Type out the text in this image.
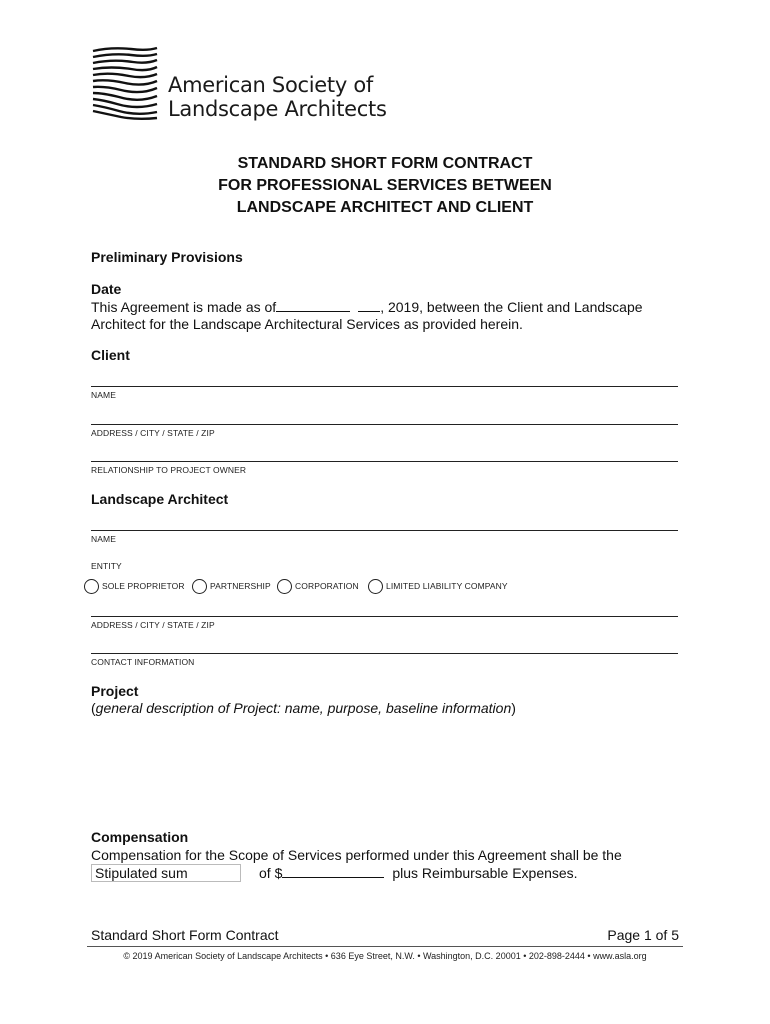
American Society of
Landscape Architects
STANDARD SHORT FORM CONTRACT
FOR PROFESSIONAL SERVICES BETWEEN
LANDSCAPE ARCHITECT AND CLIENT
Preliminary Provisions
Date
This Agreement is made as of	, 2019, between the Client and Landscape
Architect for the Landscape Architectural Services as provided herein.
Client
NAME
ADDRESS / CITY / STATE / ZIP
RELATIONSHIP TO PROJECT OWNER
Landscape Architect
NAME
ENTITY
SOLE PROPRIETOR	PARTNERSHIP	CORPORATION	LIMITED LIABILITY COMPANY
ADDRESS / CITY / STATE / ZIP
CONTACT INFORMATION
Project
(general description of Project: name, purpose, baseline information)
Compensation
Compensation for the Scope of Services performed under this Agreement shall be the
Stipulated sum	of $	plus Reimbursable Expenses.
Standard Short Form Contract	Page 1 of 5
© 2019 American Society of Landscape Architects • 636 Eye Street, N.W. • Washington, D.C. 20001 • 202-898-2444 • www.asla.org
